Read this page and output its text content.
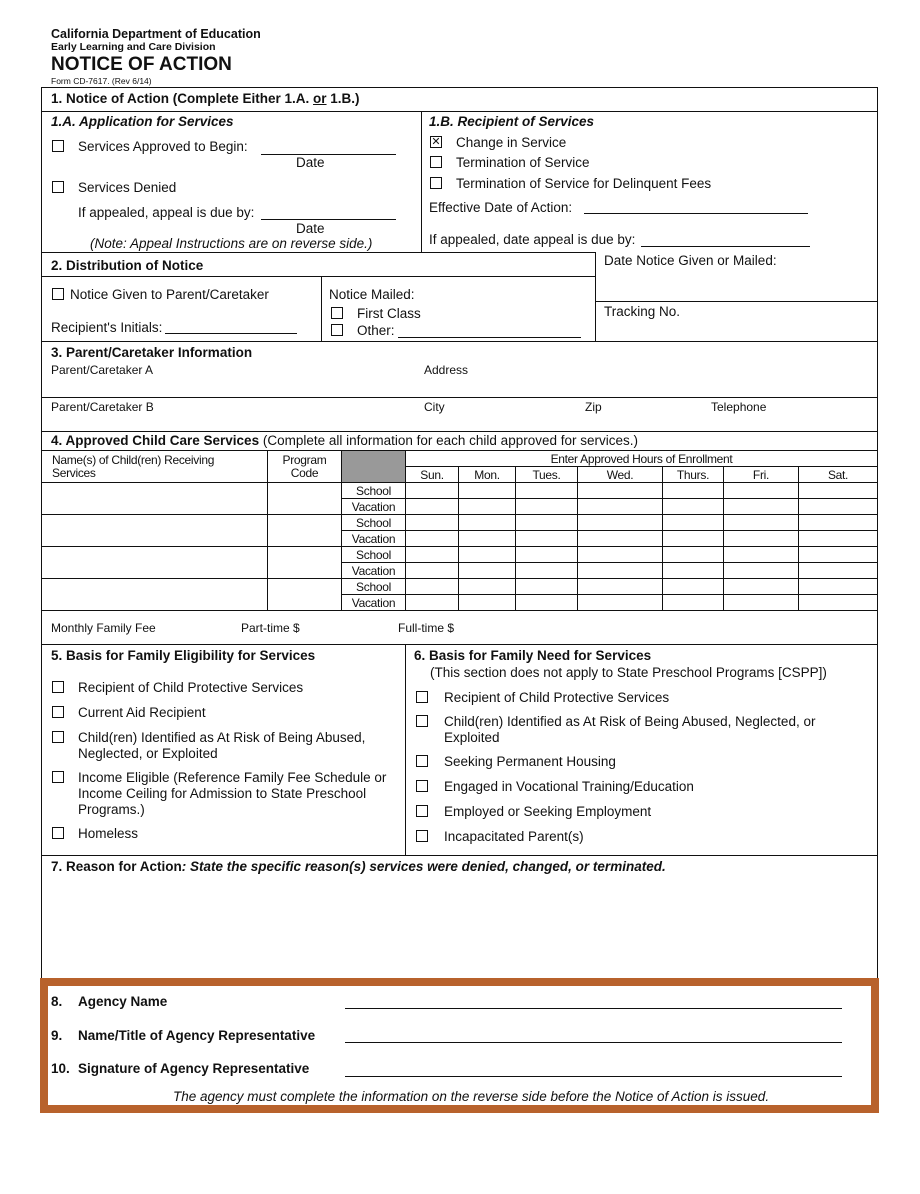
California Department of Education
Early Learning and Care Division
NOTICE OF ACTION
Form CD-7617. (Rev 6/14)
1. Notice of Action (Complete Either 1.A. or 1.B.)
1.A. Application for Services
Services Approved to Begin:
Date
Services Denied
If appealed, appeal is due by:
Date
(Note: Appeal Instructions are on reverse side.)
1.B. Recipient of Services
✕ Change in Service
Termination of Service
Termination of Service for Delinquent Fees
Effective Date of Action:
If appealed, date appeal is due by:
2. Distribution of Notice	Date Notice Given or Mailed:
Tracking No.
Notice Given to Parent/Caretaker
Recipient's Initials:
Notice Mailed:
First Class
Other:
3. Parent/Caretaker Information
Parent/Caretaker A	Address
Parent/Caretaker B	City	Zip	Telephone
4. Approved Child Care Services (Complete all information for each child approved for services.)
Name(s) of Child(ren) Receiving Services	Program Code		Enter Approved Hours of Enrollment						
			Sun.	Mon.	Tues.	Wed.	Thurs.	Fri.	Sat.
		School							
		Vacation							
		School							
		Vacation							
		School							
		Vacation							
		School							
		Vacation							
Monthly Family Fee	Part-time $	Full-time $
5. Basis for Family Eligibility for Services
Recipient of Child Protective Services
Current Aid Recipient
Child(ren) Identified as At Risk of Being Abused,
Neglected, or Exploited
Income Eligible (Reference Family Fee Schedule or
Income Ceiling for Admission to State Preschool
Programs.)
Homeless
6. Basis for Family Need for Services
(This section does not apply to State Preschool Programs [CSPP])
Recipient of Child Protective Services
Child(ren) Identified as At Risk of Being Abused, Neglected, or
Exploited
Seeking Permanent Housing
Engaged in Vocational Training/Education
Employed or Seeking Employment
Incapacitated Parent(s)
7. Reason for Action: State the specific reason(s) services were denied, changed, or terminated.
8. Agency Name
9. Name/Title of Agency Representative
10. Signature of Agency Representative
The agency must complete the information on the reverse side before the Notice of Action is issued.
